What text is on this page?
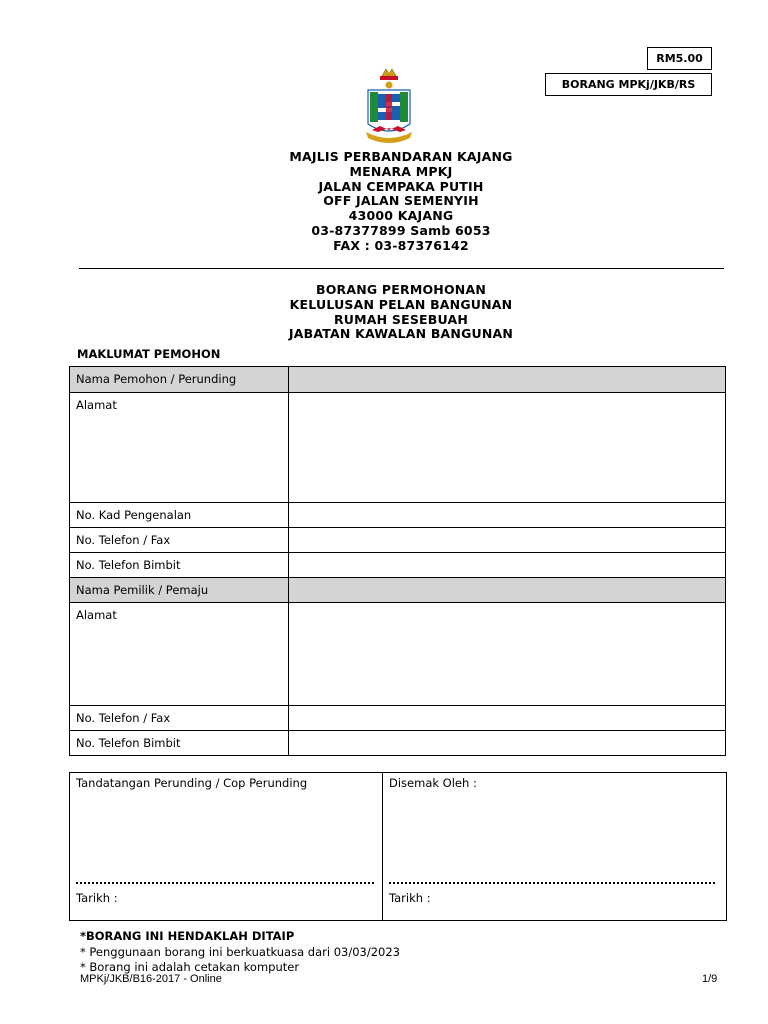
RM5.00
BORANG MPKj/JKB/RS
MAJLIS PERBANDARAN KAJANG
MENARA MPKJ
JALAN CEMPAKA PUTIH
OFF JALAN SEMENYIH
43000 KAJANG
03-87377899 Samb 6053
FAX : 03-87376142
BORANG PERMOHONAN
KELULUSAN PELAN BANGUNAN
RUMAH SESEBUAH
JABATAN KAWALAN BANGUNAN
MAKLUMAT PEMOHON
Nama Pemohon / Perunding	
Alamat	
No. Kad Pengenalan	
No. Telefon / Fax	
No. Telefon Bimbit	
Nama Pemilik / Pemaju	
Alamat	
No. Telefon / Fax	
No. Telefon Bimbit	
Tandatangan Perunding / Cop Perunding
Tarikh :
Disemak Oleh :
Tarikh :
*BORANG INI HENDAKLAH DITAIP
* Penggunaan borang ini berkuatkuasa dari 03/03/2023
* Borang ini adalah cetakan komputer
MPKj/JKB/B16-2017 - Online	1/9
